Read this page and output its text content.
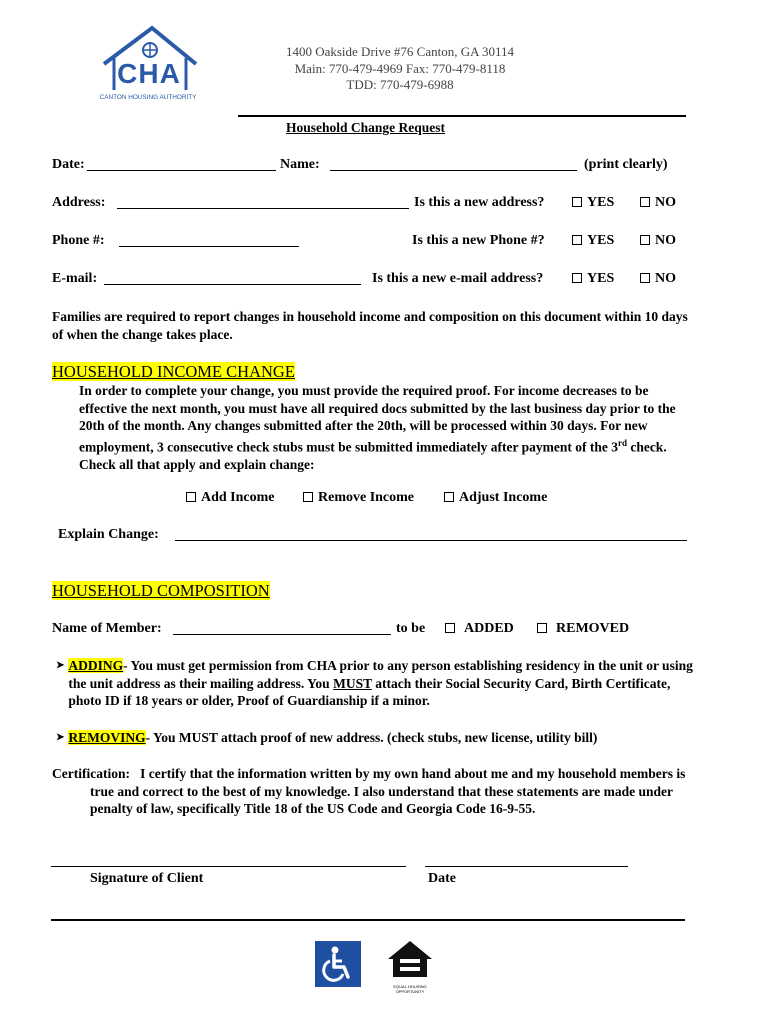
CHA
CANTON HOUSING AUTHORITY
1400 Oakside Drive #76 Canton, GA 30114
Main: 770-479-4969 Fax: 770-479-8118
TDD: 770-479-6988
Household Change Request
Date:	Name:	(print clearly)
Address:	Is this a new address?	YES	NO
Phone #:	Is this a new Phone #?	YES	NO
E-mail:	Is this a new e-mail address?	YES	NO
Families are required to report changes in household income and composition on this document within 10 days of when the change takes place.
HOUSEHOLD INCOME CHANGE
In order to complete your change, you must provide the required proof. For income decreases to be effective the next month, you must have all required docs submitted by the last business day prior to the 20th of the month. Any changes submitted after the 20th, will be processed within 30 days. For new employment, 3 consecutive check stubs must be submitted immediately after payment of the 3rd check. Check all that apply and explain change:
Add Income	Remove Income	Adjust Income
Explain Change:
HOUSEHOLD COMPOSITION
Name of Member:	to be	ADDED	REMOVED
➤ ADDING- You must get permission from CHA prior to any person establishing residency in the unit or using the unit address as their mailing address. You MUST attach their Social Security Card, Birth Certificate, photo ID if 18 years or older, Proof of Guardianship if a minor.
➤ REMOVING- You MUST attach proof of new address. (check stubs, new license, utility bill)
Certification: I certify that the information written by my own hand about me and my household members is true and correct to the best of my knowledge. I also understand that these statements are made under penalty of law, specifically Title 18 of the US Code and Georgia Code 16-9-55.
Signature of Client	Date
EQUAL HOUSING OPPORTUNITY
